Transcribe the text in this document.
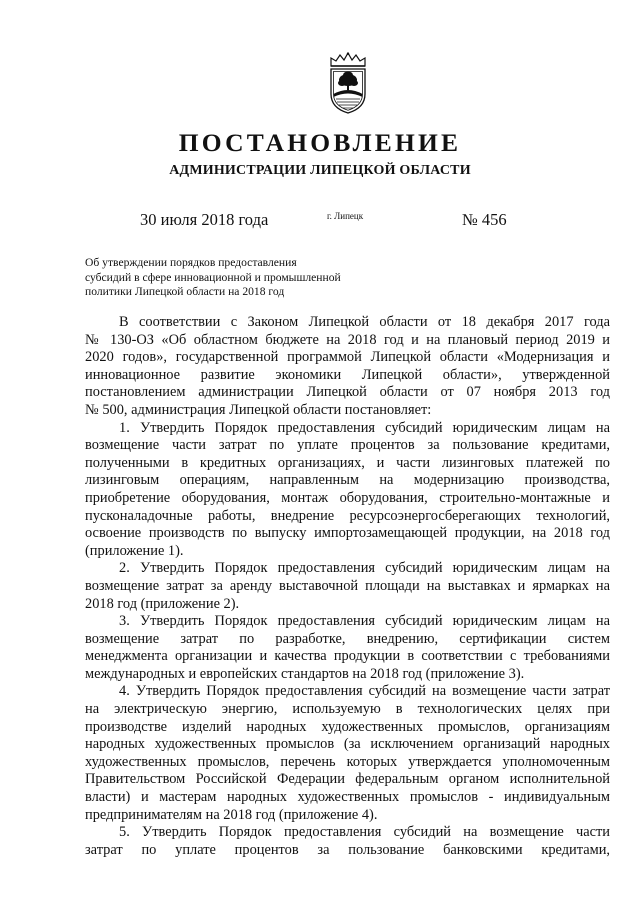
ПОСТАНОВЛЕНИЕ
АДМИНИСТРАЦИИ ЛИПЕЦКОЙ ОБЛАСТИ
30 июля 2018 года	г. Липецк	№ 456
Об утверждении порядков предоставления
субсидий в сфере инновационной и промышленной
политики Липецкой области на 2018 год

В соответствии с Законом Липецкой области от 18 декабря 2017 года
№ 130-ОЗ «Об областном бюджете на 2018 год и на плановый период 2019 и
2020 годов», государственной программой Липецкой области «Модернизация и
инновационное развитие экономики Липецкой области», утвержденной
постановлением администрации Липецкой области от 07 ноября 2013 год
№ 500, администрация Липецкой области постановляет:

1. Утвердить Порядок предоставления субсидий юридическим лицам на
возмещение части затрат по уплате процентов за пользование кредитами,
полученными в кредитных организациях, и части лизинговых платежей по
лизинговым операциям, направленным на модернизацию производства,
приобретение оборудования, монтаж оборудования, строительно-монтажные и
пусконаладочные работы, внедрение ресурсоэнергосберегающих технологий,
освоение производств по выпуску импортозамещающей продукции, на 2018 год
(приложение 1).

2. Утвердить Порядок предоставления субсидий юридическим лицам на
возмещение затрат за аренду выставочной площади на выставках и ярмарках на
2018 год (приложение 2).

3. Утвердить Порядок предоставления субсидий юридическим лицам на
возмещение затрат по разработке, внедрению, сертификации систем
менеджмента организации и качества продукции в соответствии с требованиями
международных и европейских стандартов на 2018 год (приложение 3).

4. Утвердить Порядок предоставления субсидий на возмещение части затрат
на электрическую энергию, используемую в технологических целях при
производстве изделий народных художественных промыслов, организациям
народных художественных промыслов (за исключением организаций народных
художественных промыслов, перечень которых утверждается уполномоченным
Правительством Российской Федерации федеральным органом исполнительной
власти) и мастерам народных художественных промыслов - индивидуальным
предпринимателям на 2018 год (приложение 4).

5. Утвердить Порядок предоставления субсидий на возмещение части
затрат по уплате процентов за пользование банковскими кредитами,
